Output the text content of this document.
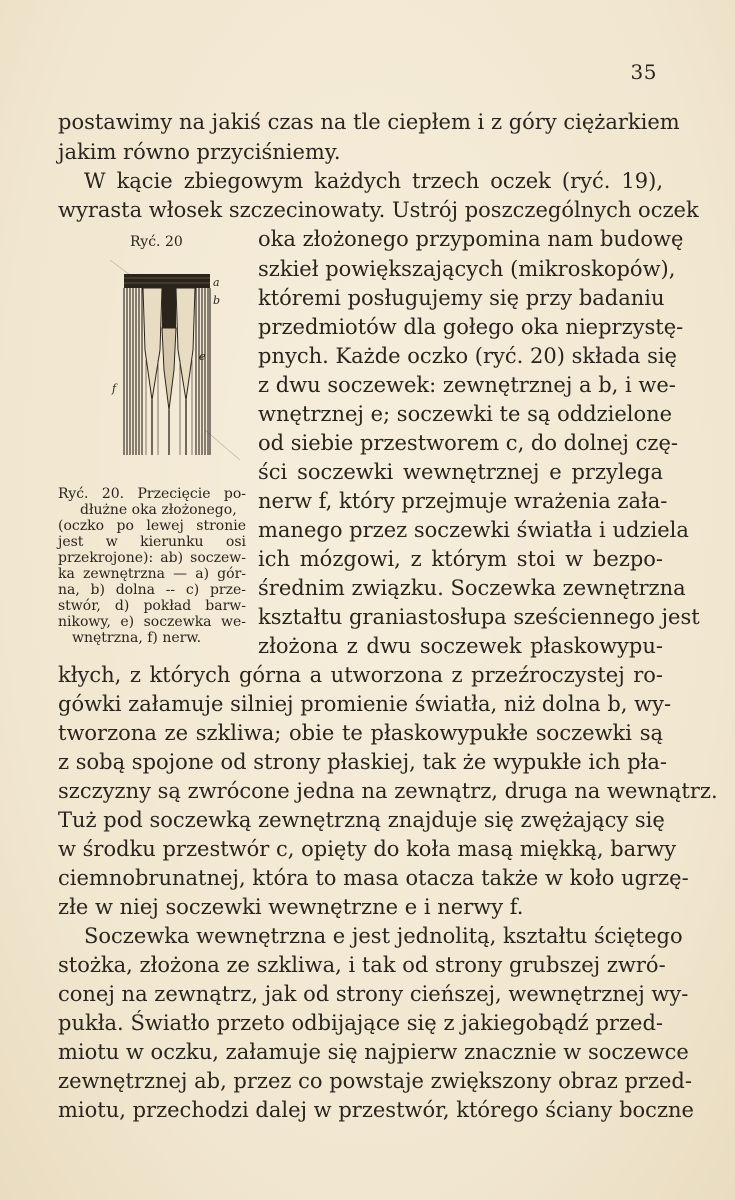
35
postawimy na jakiś czas na tle ciepłem i z góry ciężarkiem
jakim równo przyciśniemy.
W kącie zbiegowym każdych trzech oczek (ryć. 19),
wyrasta włosek szczecinowaty. Ustrój poszczególnych oczek
Ryć. 20
a
b
e
f
oka złożonego przypomina nam budowę
szkieł powiększających (mikroskopów),
któremi posługujemy się przy badaniu
przedmiotów dla gołego oka nieprzystę-
pnych. Każde oczko (ryć. 20) składa się
z dwu soczewek: zewnętrznej a b, i we-
wnętrznej e; soczewki te są oddzielone
od siebie przestworem c, do dolnej czę-
ści soczewki wewnętrznej e przylega
nerw f, który przejmuje wrażenia zała-
manego przez soczewki światła i udziela
ich mózgowi, z którym stoi w bezpo-
średnim związku. Soczewka zewnętrzna
kształtu graniastosłupa sześciennego jest
złożona z dwu soczewek płaskowypu-
Ryć. 20. Przecięcie po-
dłużne oka złożonego,
(oczko po lewej stronie
jest w kierunku osi
przekrojone): ab) soczew-
ka zewnętrzna — a) gór-
na, b) dolna -- c) prze-
stwór, d) pokład barw-
nikowy, e) soczewka we-
wnętrzna, f) nerw.
kłych, z których górna a utworzona z przeźroczystej ro-
gówki załamuje silniej promienie światła, niż dolna b, wy-
tworzona ze szkliwa; obie te płaskowypukłe soczewki są
z sobą spojone od strony płaskiej, tak że wypukłe ich pła-
szczyzny są zwrócone jedna na zewnątrz, druga na wewnątrz.
Tuż pod soczewką zewnętrzną znajduje się zwężający się
w środku przestwór c, opięty do koła masą miękką, barwy
ciemnobrunatnej, która to masa otacza także w koło ugrzę-
złe w niej soczewki wewnętrzne e i nerwy f.
Soczewka wewnętrzna e jest jednolitą, kształtu ściętego
stożka, złożona ze szkliwa, i tak od strony grubszej zwró-
conej na zewnątrz, jak od strony cieńszej, wewnętrznej wy-
pukła. Światło przeto odbijające się z jakiegobądź przed-
miotu w oczku, załamuje się najpierw znacznie w soczewce
zewnętrznej ab, przez co powstaje zwiększony obraz przed-
miotu, przechodzi dalej w przestwór, którego ściany boczne
